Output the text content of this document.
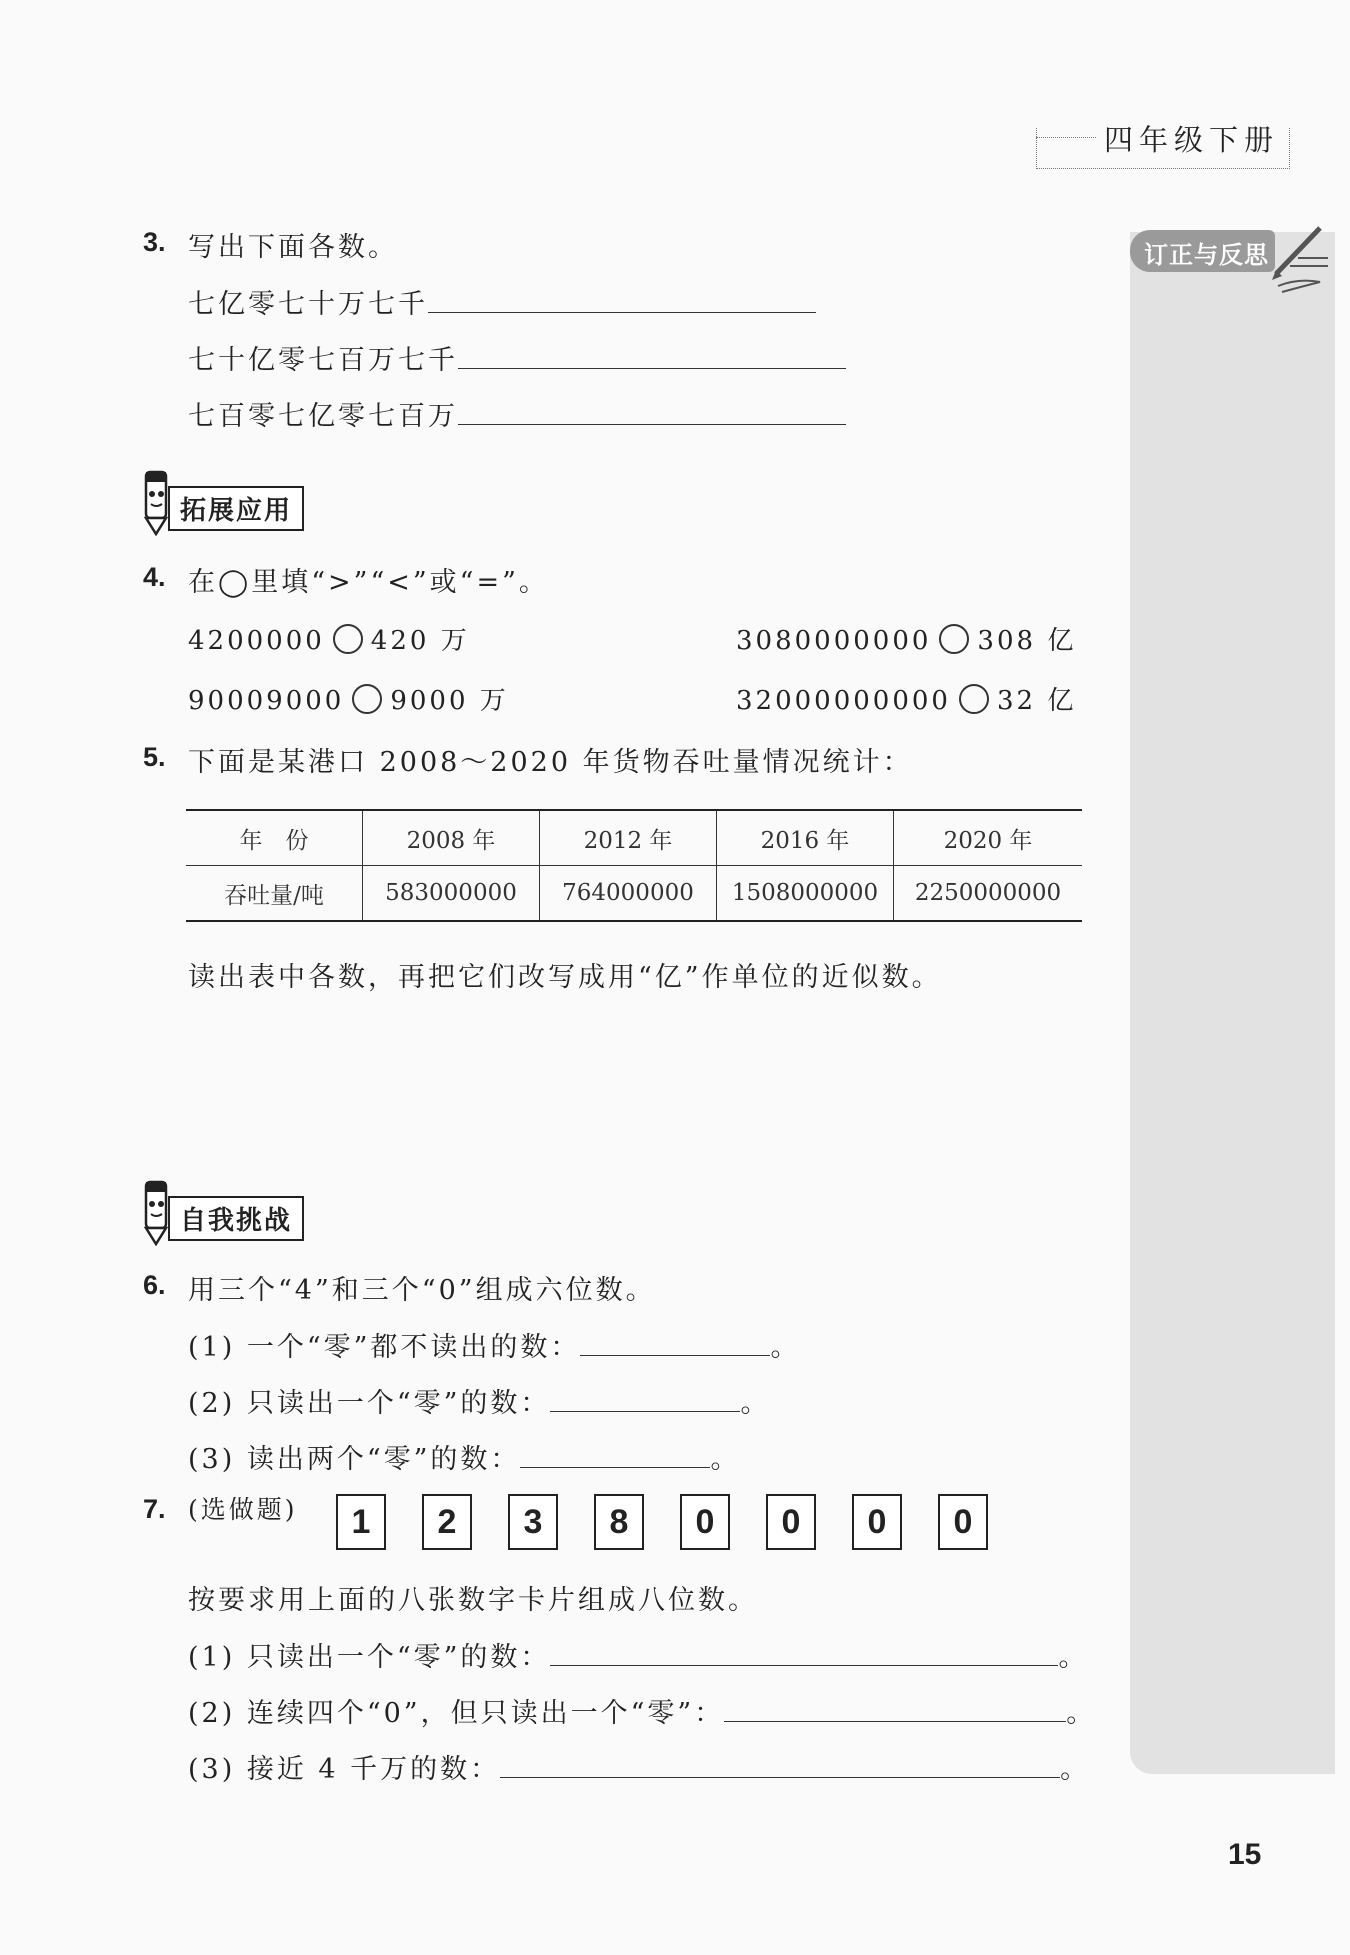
四年级下册
订正与反思
3. 写出下面各数。
七亿零七十万七千
七十亿零七百万七千
七百零七亿零七百万
拓展应用
4. 在◯里填“>”“<”或“=”。
4200000 420 万	3080000000 308 亿
90009000 9000 万	32000000000 32 亿
5. 下面是某港口 2008～2020 年货物吞吐量情况统计：
年　份	2008 年	2012 年	2016 年	2020 年
吞吐量/吨	583000000	764000000	1508000000	2250000000
读出表中各数，再把它们改写成用“亿”作单位的近似数。
自我挑战
6. 用三个“4”和三个“0”组成六位数。
(1) 一个“零”都不读出的数：	。
(2) 只读出一个“零”的数：	。
(3) 读出两个“零”的数：	。
7. (选做题)	1 2 3 8 0 0 0 0
按要求用上面的八张数字卡片组成八位数。
(1) 只读出一个“零”的数：	。
(2) 连续四个“0”，但只读出一个“零”：	。
(3) 接近 4 千万的数：	。
15
